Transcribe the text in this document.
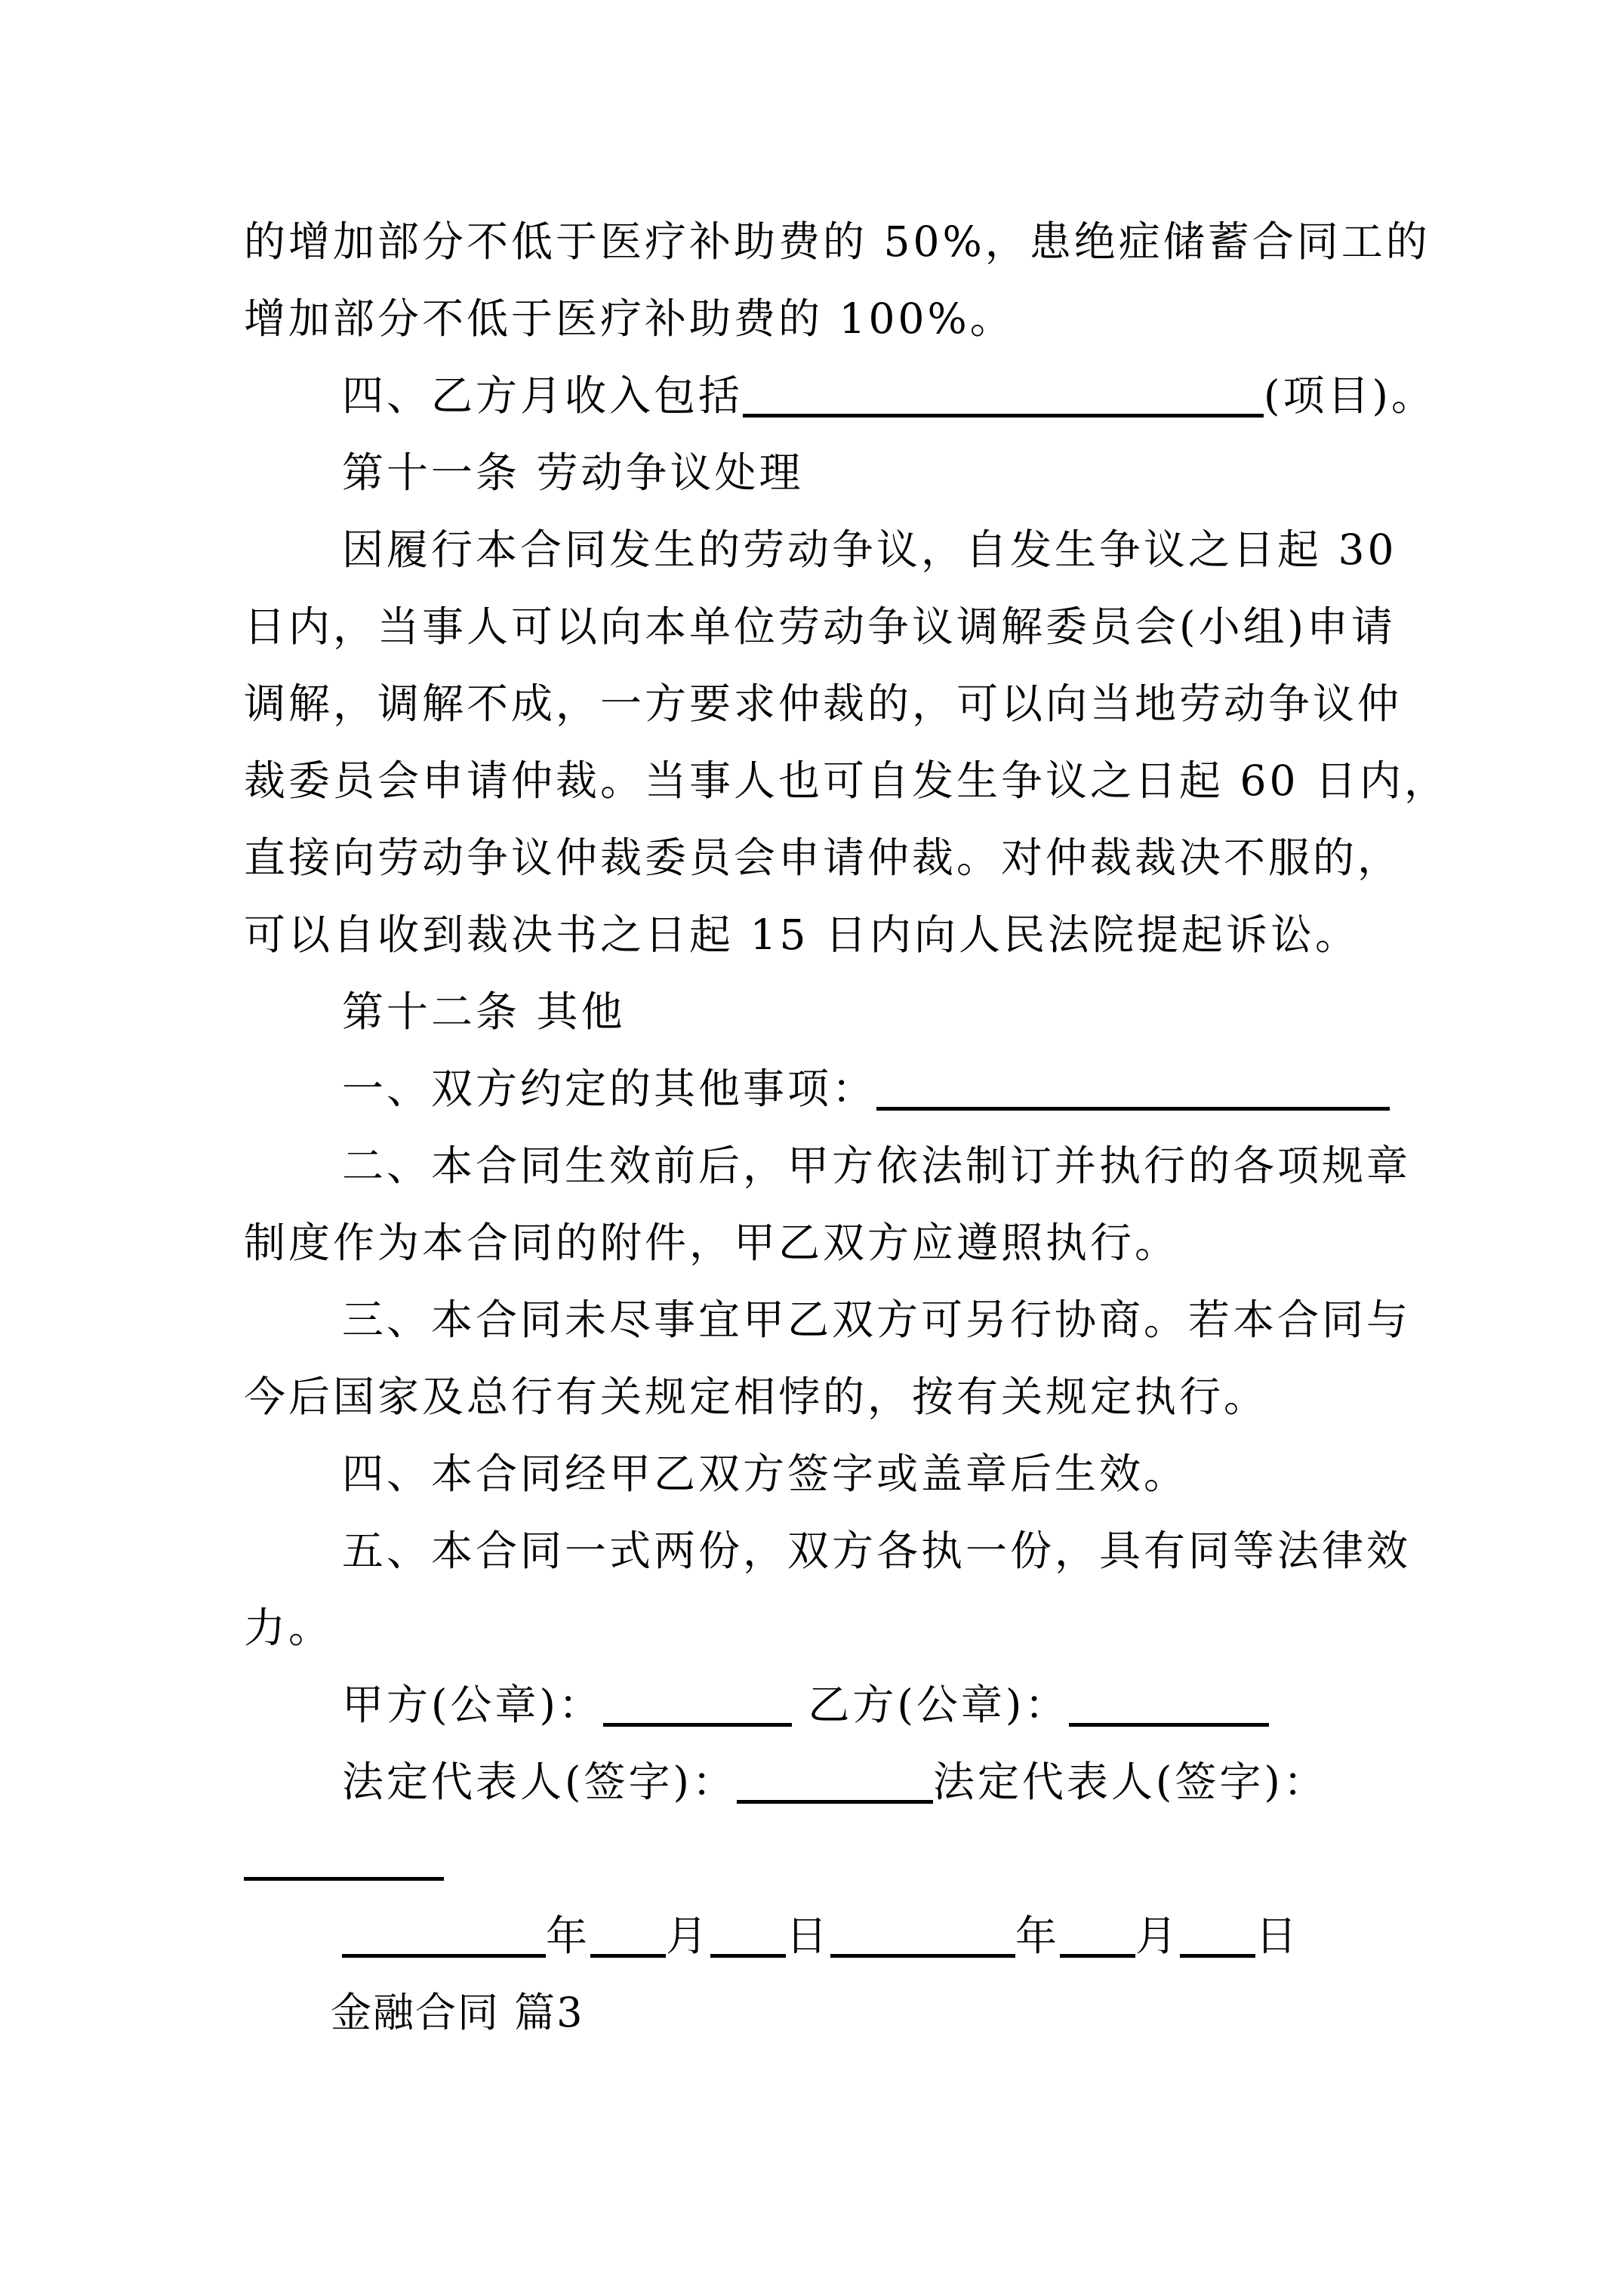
的增加部分不低于医疗补助费的 50%，患绝症储蓄合同工的
增加部分不低于医疗补助费的 100%。
四、乙方月收入包括	(项目)。
第十一条 劳动争议处理
因履行本合同发生的劳动争议，自发生争议之日起 30
日内，当事人可以向本单位劳动争议调解委员会(小组)申请
调解，调解不成，一方要求仲裁的，可以向当地劳动争议仲
裁委员会申请仲裁。当事人也可自发生争议之日起 60 日内，
直接向劳动争议仲裁委员会申请仲裁。对仲裁裁决不服的，
可以自收到裁决书之日起 15 日内向人民法院提起诉讼。
第十二条 其他
一、双方约定的其他事项：
二、本合同生效前后，甲方依法制订并执行的各项规章
制度作为本合同的附件，甲乙双方应遵照执行。
三、本合同未尽事宜甲乙双方可另行协商。若本合同与
今后国家及总行有关规定相悖的，按有关规定执行。
四、本合同经甲乙双方签字或盖章后生效。
五、本合同一式两份，双方各执一份，具有同等法律效
力。
甲方(公章)：	乙方(公章)：
法定代表人(签字)：	法定代表人(签字)：
年 月 日	年 月 日
金融合同 篇3
